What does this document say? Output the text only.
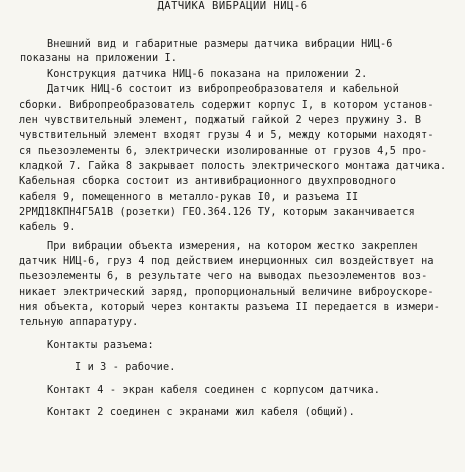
ДАТЧИКА ВИБРАЦИИ НИЦ-6
Внешний вид и габаритные размеры датчика вибрации НИЦ-6
показаны на приложении I.
Конструкция датчика НИЦ-6 показана на приложении 2.
Датчик НИЦ-6 состоит из вибропреобразователя и кабельной
сборки. Вибропреобразователь содержит корпус I, в котором установ-
лен чувствительный элемент, поджатый гайкой 2 через пружину 3. В
чувствительный элемент входят грузы 4 и 5, между которыми находят-
ся пьезоэлементы 6, электрически изолированные от грузов 4,5 про-
кладкой 7. Гайка 8 закрывает полость электрического монтажа датчика.
Кабельная сборка состоит из антивибрационного двухпроводного
кабеля 9, помещенного в металло-рукав I0, и разъема II
2РМД18КПН4Г5А1В (розетки) ГЕО.364.126 ТУ, которым заканчивается
кабель 9.
При вибрации объекта измерения, на котором жестко закреплен
датчик НИЦ-6, груз 4 под действием инерционных сил воздействует на
пьезоэлементы 6, в результате чего на выводах пьезоэлементов воз-
никает электрический заряд, пропорциональный величине виброускоре-
ния объекта, который через контакты разъема II передается в измери-
тельную аппаратуру.
Контакты разъема:
I и 3 - рабочие.
Контакт 4 - экран кабеля соединен с корпусом датчика.
Контакт 2 соединен с экранами жил кабеля (общий).
